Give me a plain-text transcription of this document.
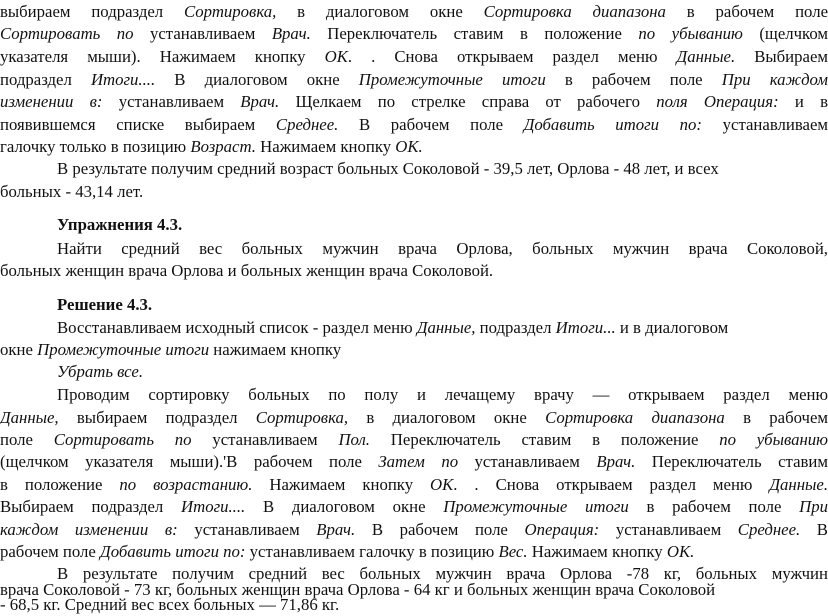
выбираем подраздел Сортировка, в диалоговом окне Сортировка диапазона в рабочем поле
Сортировать по устанавливаем Врач. Переключатель ставим в положение по убыванию (щелчком
указателя мыши). Нажимаем кнопку ОК. . Снова открываем раздел меню Данные. Выбираем
подраздел Итоги.... В диалоговом окне Промежуточные итоги в рабочем поле При каждом
изменении в: устанавливаем Врач. Щелкаем по стрелке справа от рабочего поля Операция: и в
появившемся списке выбираем Среднее. В рабочем поле Добавить итоги по: устанавливаем
галочку только в позицию Возраст. Нажимаем кнопку ОК.
В результате получим средний возраст больных Соколовой - 39,5 лет, Орлова - 48 лет, и всех
больных - 43,14 лет.
Упражнения 4.3.
Найти средний вес больных мужчин врача Орлова, больных мужчин врача Соколовой,
больных женщин врача Орлова и больных женщин врача Соколовой.
Решение 4.3.
Восстанавливаем исходный список - раздел меню Данные, подраздел Итоги... и в диалоговом
окне Промежуточные итоги нажимаем кнопку
Убрать все.
Проводим сортировку больных по полу и лечащему врачу — открываем раздел меню
Данные, выбираем подраздел Сортировка, в диалоговом окне Сортировка диапазона в рабочем
поле Сортировать по устанавливаем Пол. Переключатель ставим в положение по убыванию
(щелчком указателя мыши).'В рабочем поле Затем по устанавливаем Врач. Переключатель ставим
в положение по возрастанию. Нажимаем кнопку ОК. . Снова открываем раздел меню Данные.
Выбираем подраздел Итоги.... В диалоговом окне Промежуточные итоги в рабочем поле При
каждом изменении в: устанавливаем Врач. В рабочем поле Операция: устанавливаем Среднее. В
рабочем поле Добавить итоги по: устанавливаем галочку в позицию Вес. Нажимаем кнопку ОК.
В результате получим средний вес больных мужчин врача Орлова -78 кг, больных мужчин
врача Соколовой - 73 кг, больных женщин врача Орлова - 64 кг и больных женщин врача Соколовой
- 68,5 кг. Средний вес всех больных — 71,86 кг.
